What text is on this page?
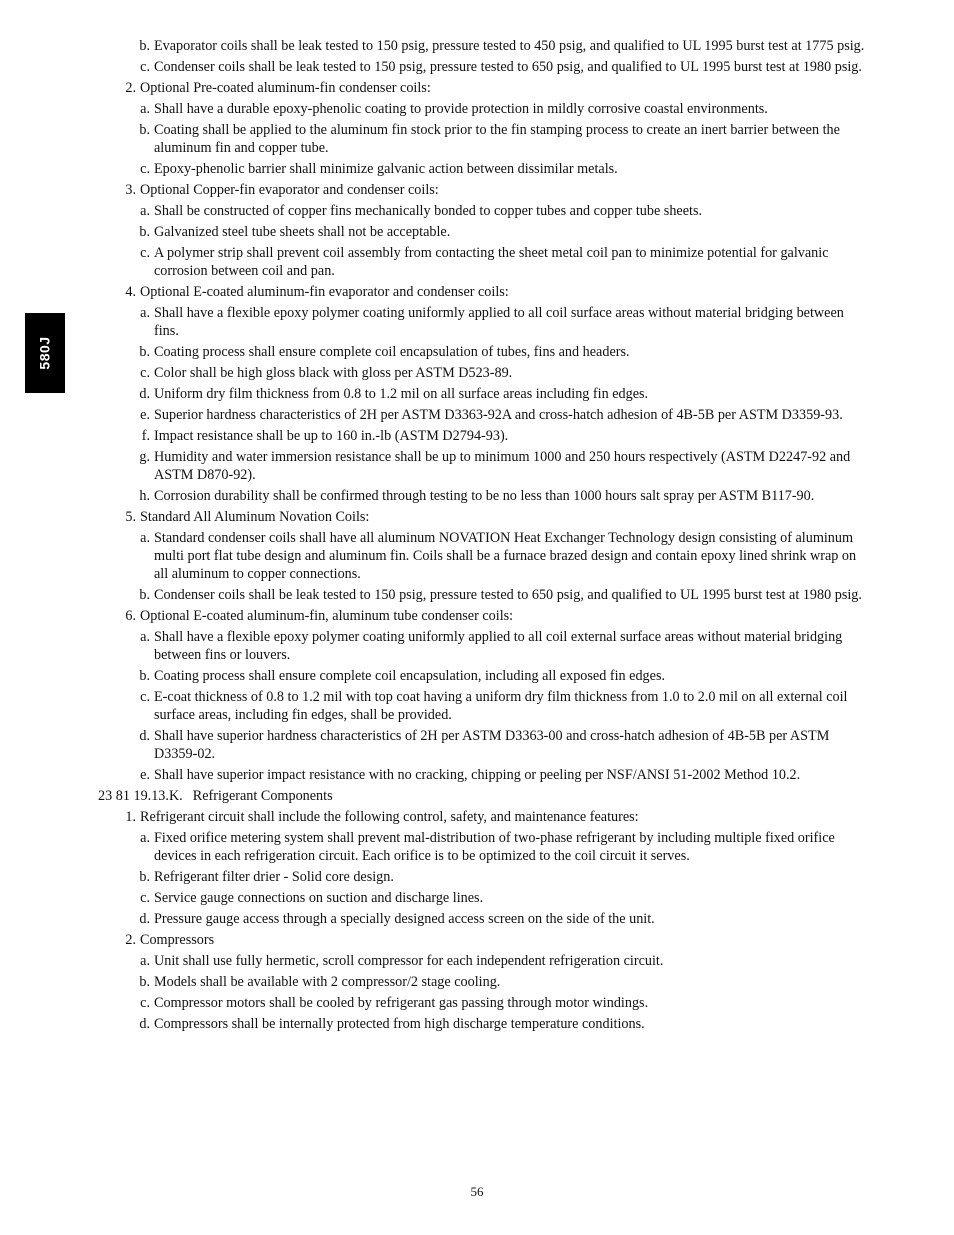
580J
b. Evaporator coils shall be leak tested to 150 psig, pressure tested to 450 psig, and qualified to UL 1995 burst test at 1775 psig.
c. Condenser coils shall be leak tested to 150 psig, pressure tested to 650 psig, and qualified to UL 1995 burst test at 1980 psig.
2. Optional Pre-coated aluminum-fin condenser coils:
a. Shall have a durable epoxy-phenolic coating to provide protection in mildly corrosive coastal environments.
b. Coating shall be applied to the aluminum fin stock prior to the fin stamping process to create an inert barrier between the aluminum fin and copper tube.
c. Epoxy-phenolic barrier shall minimize galvanic action between dissimilar metals.
3. Optional Copper-fin evaporator and condenser coils:
a. Shall be constructed of copper fins mechanically bonded to copper tubes and copper tube sheets.
b. Galvanized steel tube sheets shall not be acceptable.
c. A polymer strip shall prevent coil assembly from contacting the sheet metal coil pan to minimize potential for galvanic corrosion between coil and pan.
4. Optional E-coated aluminum-fin evaporator and condenser coils:
a. Shall have a flexible epoxy polymer coating uniformly applied to all coil surface areas without material bridging between fins.
b. Coating process shall ensure complete coil encapsulation of tubes, fins and headers.
c. Color shall be high gloss black with gloss per ASTM D523-89.
d. Uniform dry film thickness from 0.8 to 1.2 mil on all surface areas including fin edges.
e. Superior hardness characteristics of 2H per ASTM D3363-92A and cross-hatch adhesion of 4B-5B per ASTM D3359-93.
f. Impact resistance shall be up to 160 in.-lb (ASTM D2794-93).
g. Humidity and water immersion resistance shall be up to minimum 1000 and 250 hours respectively (ASTM D2247-92 and ASTM D870-92).
h. Corrosion durability shall be confirmed through testing to be no less than 1000 hours salt spray per ASTM B117-90.
5. Standard All Aluminum Novation Coils:
a. Standard condenser coils shall have all aluminum NOVATION Heat Exchanger Technology design consisting of aluminum multi port flat tube design and aluminum fin. Coils shall be a furnace brazed design and contain epoxy lined shrink wrap on all aluminum to copper connections.
b. Condenser coils shall be leak tested to 150 psig, pressure tested to 650 psig, and qualified to UL 1995 burst test at 1980 psig.
6. Optional E-coated aluminum-fin, aluminum tube condenser coils:
a. Shall have a flexible epoxy polymer coating uniformly applied to all coil external surface areas without material bridging between fins or louvers.
b. Coating process shall ensure complete coil encapsulation, including all exposed fin edges.
c. E-coat thickness of 0.8 to 1.2 mil with top coat having a uniform dry film thickness from 1.0 to 2.0 mil on all external coil surface areas, including fin edges, shall be provided.
d. Shall have superior hardness characteristics of 2H per ASTM D3363-00 and cross-hatch adhesion of 4B-5B per ASTM D3359-02.
e. Shall have superior impact resistance with no cracking, chipping or peeling per NSF/ANSI 51-2002 Method 10.2.
23 81 19.13.K. Refrigerant Components
1. Refrigerant circuit shall include the following control, safety, and maintenance features:
a. Fixed orifice metering system shall prevent mal-distribution of two-phase refrigerant by including multiple fixed orifice devices in each refrigeration circuit. Each orifice is to be optimized to the coil circuit it serves.
b. Refrigerant filter drier - Solid core design.
c. Service gauge connections on suction and discharge lines.
d. Pressure gauge access through a specially designed access screen on the side of the unit.
2. Compressors
a. Unit shall use fully hermetic, scroll compressor for each independent refrigeration circuit.
b. Models shall be available with 2 compressor/2 stage cooling.
c. Compressor motors shall be cooled by refrigerant gas passing through motor windings.
d. Compressors shall be internally protected from high discharge temperature conditions.
56
